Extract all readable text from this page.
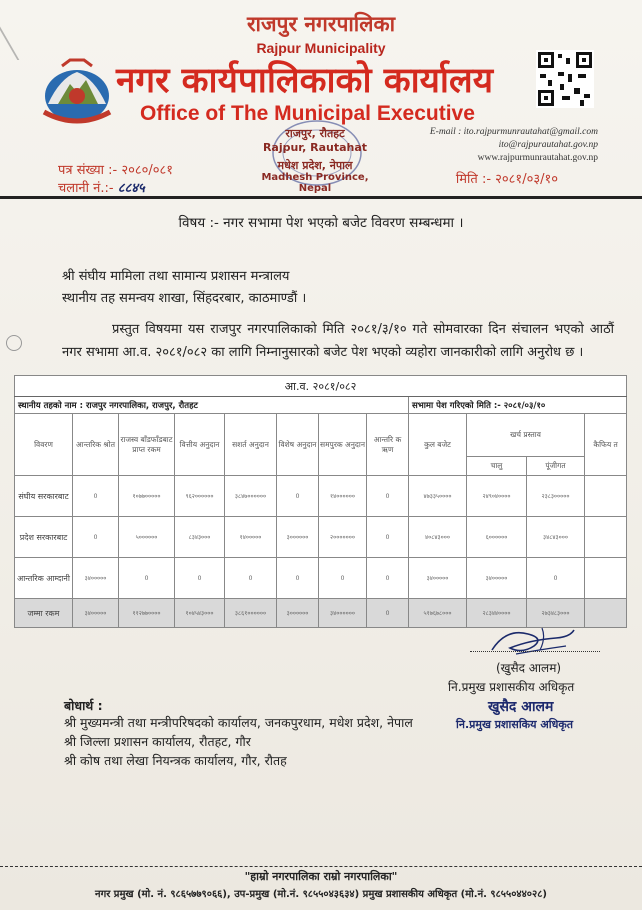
राजपुर नगरपालिका
Rajpur Municipality
नगर कार्यपालिकाको कार्यालय
Office of The Municipal Executive
राजपुर, रौतहट
Rajpur, Rautahat
मधेश प्रदेश, नेपाल
Madhesh Province, Nepal
E-mail : ito.rajpurmunrautahat@gmail.com
ito@rajpurautahat.gov.np
www.rajpurmunrautahat.gov.np
पत्र संख्या :- २०८०/०८१
चलानी नं.:- ८८४५
मिति :- २०८१/०३/१०
विषय :- नगर सभामा पेश भएको बजेट विवरण सम्बन्धमा ।
श्री संघीय मामिला तथा सामान्य प्रशासन मन्त्रालय
स्थानीय तह समन्वय शाखा, सिंहदरबार, काठमाण्डौं ।
प्रस्तुत विषयमा यस राजपुर नगरपालिकाको मिति २०८१/३/१० गते सोमवारका दिन संचालन भएको आठौं नगर सभामा आ.व. २०८१/०८२ का लागि निम्नानुसारको बजेट पेश भएको व्यहोरा जानकारीको लागि अनुरोध छ ।
आ.व. २०८१/०८२											
स्थानीय तहको नाम : राजपुर नगरपालिका, राजपुर, रौतहट								सभामा पेश गरिएको मिति :- २०८१/०३/१०			
विवरण	आन्तरिक श्रोत	राजस्व बाँडफाँडबाट प्राप्त रकम	वित्तीय अनुदान	सशर्त अनुदान	विशेष अनुदान	समपुरक अनुदान	आन्तरि क ऋण	कुल बजेट	खर्च प्रस्ताव		कैफिय त
									चालु	पूंजीगत	
संघीय सरकारबाट	0	१०७७०००००	९६२००००००	३८४७००००००	0	१४००००००	0	४७३३५००००	२४९०४००००	२३८३०००००	
प्रदेश सरकारबाट	0	५००००००	८३४३०००	१४०००००	३००००००	२०००००००	0	४०८४३०००	६००००००	३४८४३०००	
आन्तरिक आम्दानी	३४०००००	0	0	0	0	0	0	३४०००००	३४०००००	0	
जम्मा रकम	३४०००००	११२७७००००	१०४५४३०००	३८६१००००००	३००००००	३४००००००	0	५१७६७८०००	२८३४४००००	२७३४८३०००	
(खुसैद आलम)
नि.प्रमुख प्रशासकीय अधिकृत
बोधार्थ :	खुसैद आलम
श्री मुख्यमन्त्री तथा मन्त्रीपरिषदको कार्यालय, जनकपुरधाम, मधेश प्रदेश, नेपाल	नि.प्रमुख प्रशासकिय अधिकृत
श्री जिल्ला प्रशासन कार्यालय, रौतहट, गौर
श्री कोष तथा लेखा नियन्त्रक कार्यालय, गौर, रौतह
"हाम्रो नगरपालिका राम्रो नगरपालिका"
नगर प्रमुख (मो. नं. ९८६५७७९०६६), उप-प्रमुख (मो.नं. ९८५५०४३६३४) प्रमुख प्रशासकीय अधिकृत (मो.नं. ९८५५०४४०२८)
